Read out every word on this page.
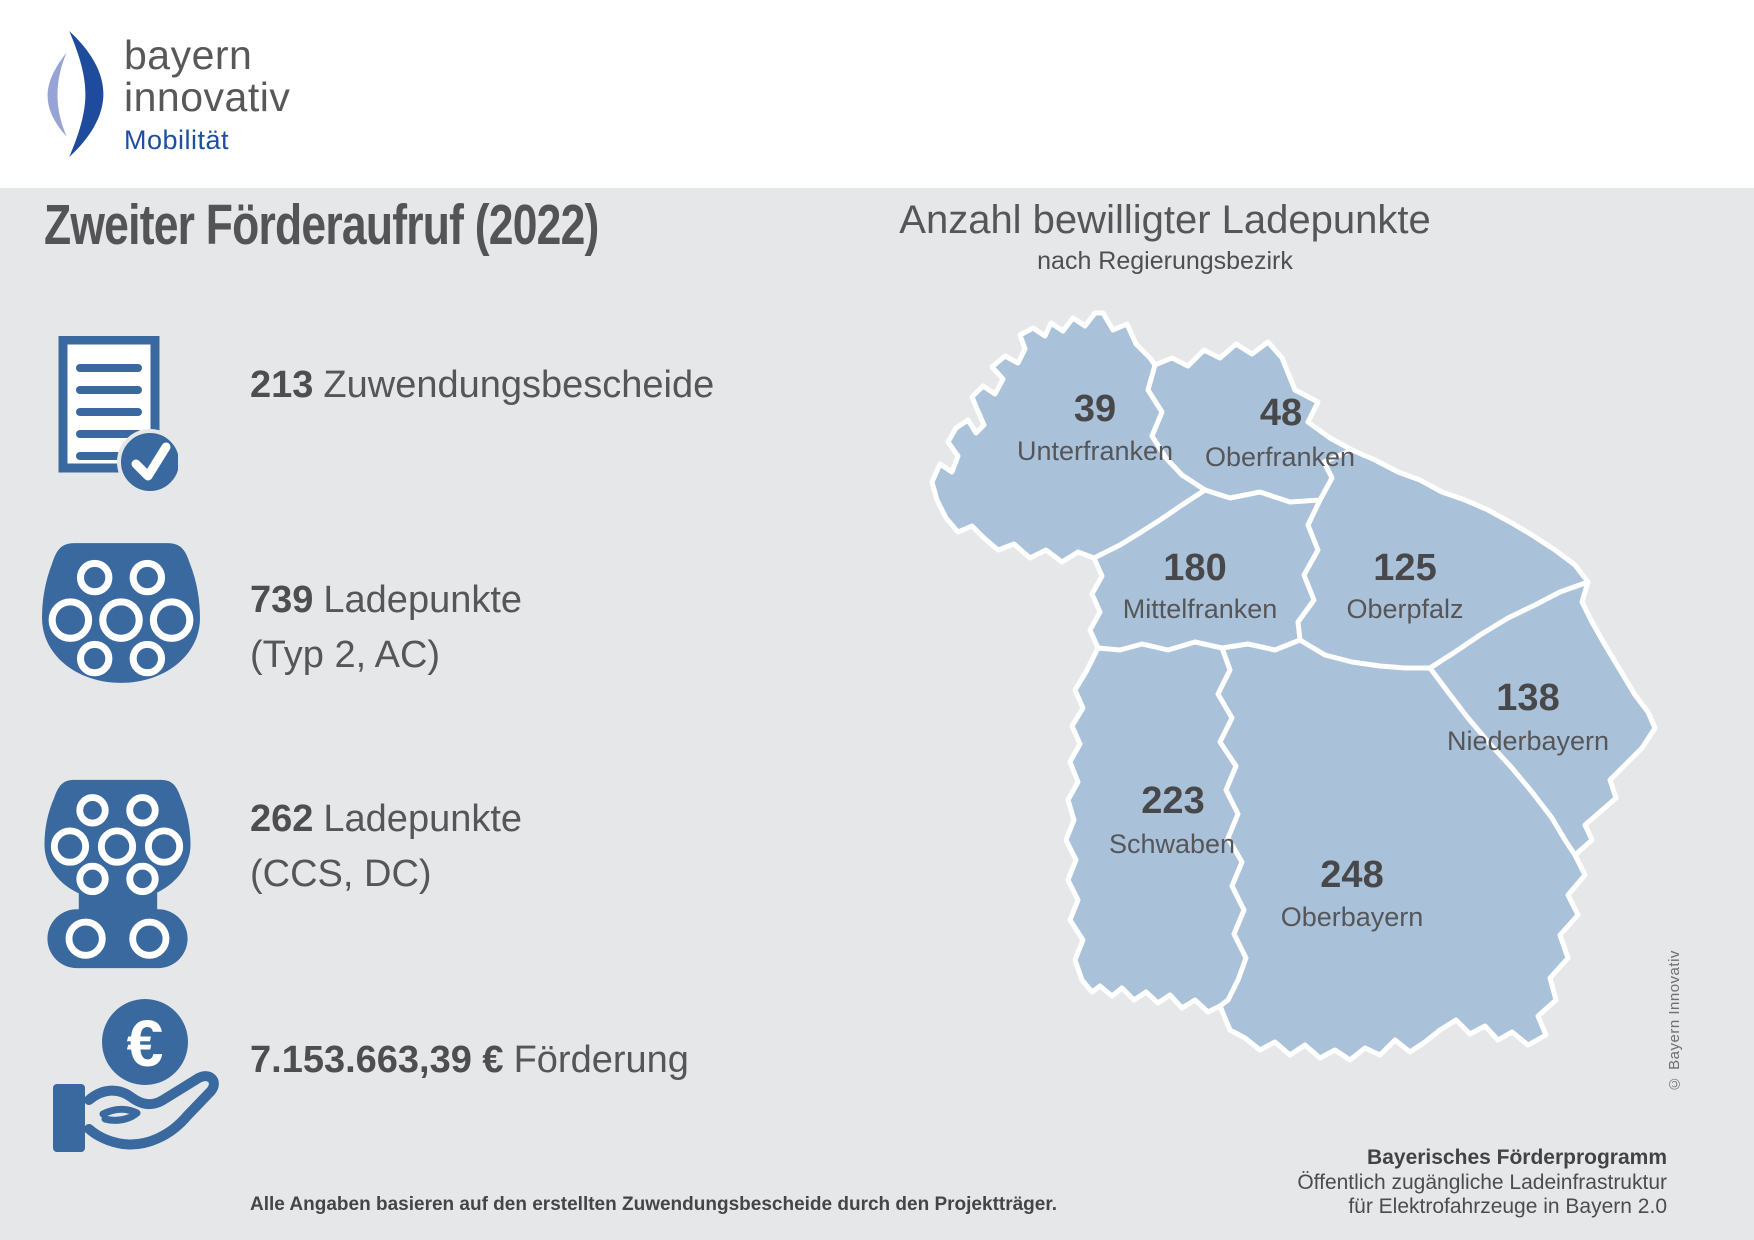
bayern
innovativ
Mobilität
Zweiter Förderaufruf (2022)	Anzahl bewilligter Ladepunkte
nach Regierungsbezirk
213 Zuwendungsbescheide
739 Ladepunkte
(Typ 2, AC)
262 Ladepunkte
(CCS, DC)
€ 7.153.663,39 € Förderung
39
Unterfranken
48
Oberfranken
180
Mittelfranken
125
Oberpfalz
138
Niederbayern
223
Schwaben
248
Oberbayern
© Bayern Innovativ
Alle Angaben basieren auf den erstellten Zuwendungsbescheide durch den Projektträger.
Bayerisches Förderprogramm
Öffentlich zugängliche Ladeinfrastruktur
für Elektrofahrzeuge in Bayern 2.0
